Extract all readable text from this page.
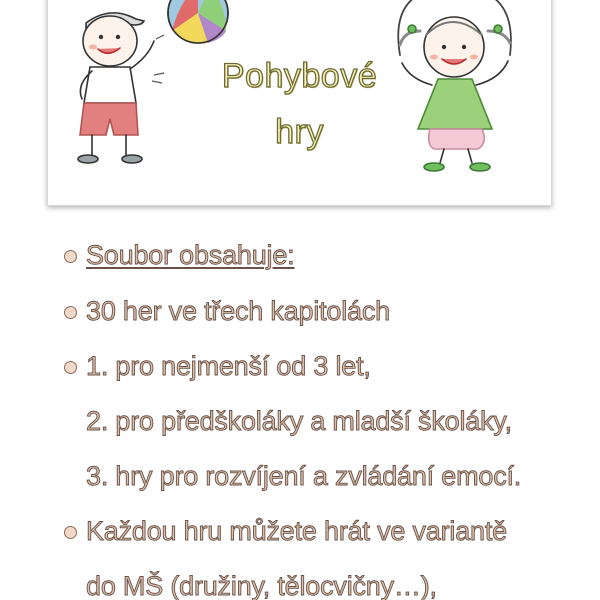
Pohybové
hry
Soubor obsahuje:
30 her ve třech kapitolách
1. pro nejmenší od 3 let,
2. pro předškoláky a mladší školáky,
3. hry pro rozvíjení a zvládání emocí.
Každou hru můžete hrát ve variantě
do MŠ (družiny, tělocvičny…),
